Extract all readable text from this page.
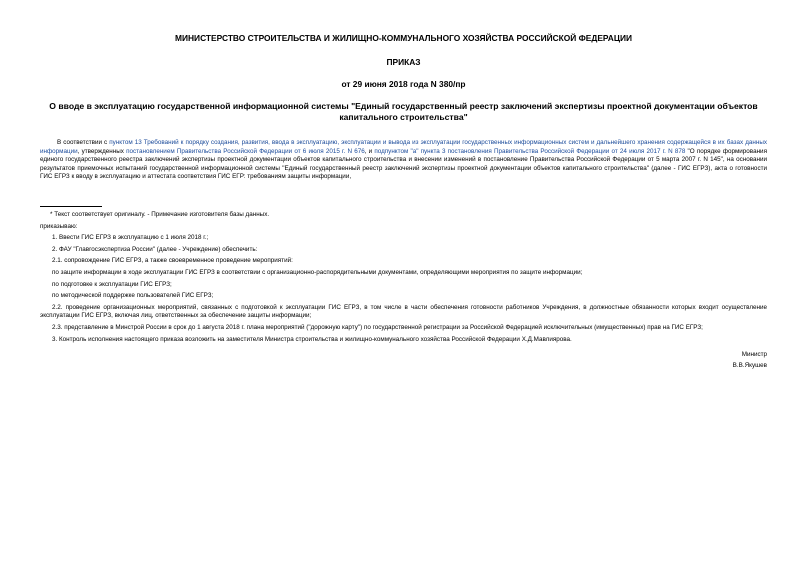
МИНИСТЕРСТВО СТРОИТЕЛЬСТВА И ЖИЛИЩНО-КОММУНАЛЬНОГО ХОЗЯЙСТВА РОССИЙСКОЙ ФЕДЕРАЦИИ
ПРИКАЗ
от 29 июня 2018 года N 380/пр
О вводе в эксплуатацию государственной информационной системы "Единый государственный реестр заключений экспертизы проектной документации объектов капитального строительства"
В соответствии с пунктом 13 Требований к порядку создания, развития, ввода в эксплуатацию, эксплуатации и вывода из эксплуатации государственных информационных систем и дальнейшего хранения содержащейся в их базах данных информации, утвержденных постановлением Правительства Российской Федерации от 6 июля 2015 г. N 676, и подпунктом "а" пункта 3 постановления Правительства Российской Федерации от 24 июля 2017 г. N 878 "О порядке формирования единого государственного реестра заключений экспертизы проектной документации объектов капитального строительства и внесении изменений в постановление Правительства Российской Федерации от 5 марта 2007 г. N 145", на основании результатов приемочных испытаний государственной информационной системы "Единый государственный реестр заключений экспертизы проектной документации объектов капитального строительства" (далее - ГИС ЕГРЗ), акта о готовности ГИС ЕГРЗ к вводу в эксплуатацию и аттестата соответствия ГИС ЕГР: требованиям защиты информации,
* Текст соответствует оригиналу. - Примечание изготовителя базы данных.
приказываю:
1. Ввести ГИС ЕГРЗ в эксплуатацию с 1 июля 2018 г.;
2. ФАУ "Главгосэкспертиза России" (далее - Учреждение) обеспечить:
2.1. сопровождение ГИС ЕГРЗ, а также своевременное проведение мероприятий:
по защите информации в ходе эксплуатации ГИС ЕГРЗ в соответствии с организационно-распорядительными документами, определяющими мероприятия по защите информации;
по подготовке к эксплуатации ГИС ЕГРЗ;
по методической поддержке пользователей ГИС ЕГРЗ;
2.2. проведение организационных мероприятий, связанных с подготовкой к эксплуатации ГИС ЕГРЗ, в том числе в части обеспечения готовности работников Учреждения, в должностные обязанности которых входит осуществление эксплуатации ГИС ЕГРЗ, включая лиц, ответственных за обеспечение защиты информации;
2.3. представление в Минстрой России в срок до 1 августа 2018 г. плана мероприятий ("дорожную карту") по государственной регистрации за Российской Федерацией исключительных (имущественных) прав на ГИС ЕГРЗ;
3. Контроль исполнения настоящего приказа возложить на заместителя Министра строительства и жилищно-коммунального хозяйства Российской Федерации Х.Д.Мавлиярова.
Министр
В.В.Якушев
